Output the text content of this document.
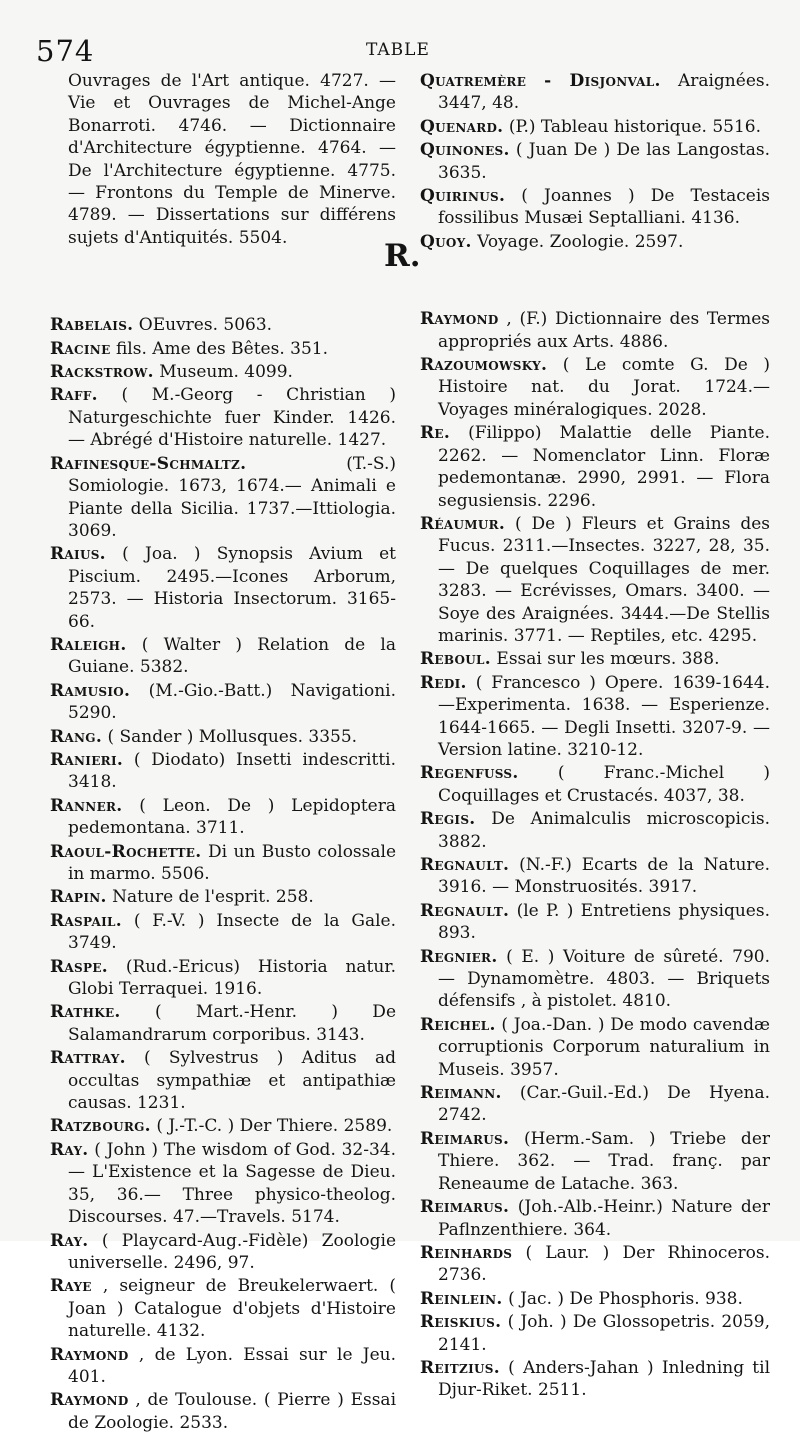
574	TABLE
R.

Ouvrages de l'Art antique. 4727. — Vie et Ouvrages de Michel-Ange Bonarroti. 4746. — Dictionnaire d'Architecture égyptienne. 4764. — De l'Architecture égyptienne. 4775. — Frontons du Temple de Minerve. 4789. — Dissertations sur différens sujets d'Antiquités. 5504.

Rabelais. OEuvres. 5063.

Racine fils. Ame des Bêtes. 351.

Rackstrow. Museum. 4099.

Raff. ( M.-Georg - Christian ) Naturgeschichte fuer Kinder. 1426. — Abrégé d'Histoire naturelle. 1427.

Rafinesque-Schmaltz.	(T.-S.) Somiologie. 1673, 1674.— Animali e Piante della Sicilia. 1737.—Ittiologia. 3069.

Raius. ( Joa. ) Synopsis Avium et Piscium. 2495.—Icones Arborum, 2573. — Historia Insectorum. 3165-66.

Raleigh. ( Walter ) Relation de la Guiane. 5382.

Ramusio. (M.-Gio.-Batt.) Navigationi. 5290.

Rang. ( Sander ) Mollusques. 3355.

Ranieri. ( Diodato) Insetti indescritti. 3418.

Ranner. ( Leon. De ) Lepidoptera pedemontana. 3711.

Raoul-Rochette. Di un Busto colossale in marmo. 5506.

Rapin. Nature de l'esprit. 258.

Raspail. ( F.-V. ) Insecte de la Gale. 3749.

Raspe. (Rud.-Ericus) Historia natur. Globi Terraquei. 1916.

Rathke. ( Mart.-Henr. ) De Salamandrarum corporibus. 3143.

Rattray. ( Sylvestrus ) Aditus ad occultas sympathiæ et antipathiæ causas. 1231.

Ratzbourg. ( J.-T.-C. ) Der Thiere. 2589.

Ray. ( John ) The wisdom of God. 32-34. — L'Existence et la Sagesse de Dieu. 35, 36.— Three physico-theolog. Discourses. 47.—Travels. 5174.

Ray. ( Playcard-Aug.-Fidèle) Zoologie universelle. 2496, 97.

Raye , seigneur de Breukelerwaert. ( Joan ) Catalogue d'objets d'Histoire naturelle. 4132.

Raymond , de Lyon. Essai sur le Jeu. 401.

Raymond , de Toulouse. ( Pierre ) Essai de Zoologie. 2533.

Quatremère - Disjonval. Araignées. 3447, 48.

Quenard. (P.) Tableau historique. 5516.

Quinones. ( Juan De ) De las Langostas. 3635.

Quirinus. ( Joannes ) De Testaceis fossilibus Musæi Septalliani. 4136.

Quoy. Voyage. Zoologie. 2597.

Raymond , (F.) Dictionnaire des Termes appropriés aux Arts. 4886.

Razoumowsky. ( Le comte G. De ) Histoire nat. du Jorat. 1724.— Voyages minéralogiques. 2028.

Re. (Filippo) Malattie delle Piante. 2262. — Nomenclator Linn. Floræ pedemontanæ. 2990, 2991. — Flora segusiensis. 2296.

Réaumur. ( De ) Fleurs et Grains des Fucus. 2311.—Insectes. 3227, 28, 35. — De quelques Coquillages de mer. 3283. — Ecrévisses, Omars. 3400. — Soye des Araignées. 3444.—De Stellis marinis. 3771. — Reptiles, etc. 4295.

Reboul. Essai sur les mœurs. 388.

Redi. ( Francesco ) Opere. 1639-1644. —Experimenta. 1638. — Esperienze. 1644-1665. — Degli Insetti. 3207-9. — Version latine. 3210-12.

Regenfuss. ( Franc.-Michel ) Coquillages et Crustacés. 4037, 38.

Regis. De Animalculis microscopicis. 3882.

Regnault. (N.-F.) Ecarts de la Nature. 3916. — Monstruosités. 3917.

Regnault. (le P. ) Entretiens physiques. 893.

Regnier. ( E. ) Voiture de sûreté. 790. — Dynamomètre. 4803. — Briquets défensifs , à pistolet. 4810.

Reichel. ( Joa.-Dan. ) De modo cavendæ corruptionis Corporum naturalium in Museis. 3957.

Reimann. (Car.-Guil.-Ed.) De Hyena. 2742.

Reimarus. (Herm.-Sam. ) Triebe der Thiere. 362. — Trad. franç. par Reneaume de Latache. 363.

Reimarus. (Joh.-Alb.-Heinr.) Nature der Paflnzenthiere. 364.

Reinhards ( Laur. ) Der Rhinoceros. 2736.

Reinlein. ( Jac. ) De Phosphoris. 938.

Reiskius. ( Joh. ) De Glossopetris. 2059, 2141.

Reitzius. ( Anders-Jahan ) Inledning til Djur-Riket. 2511.
